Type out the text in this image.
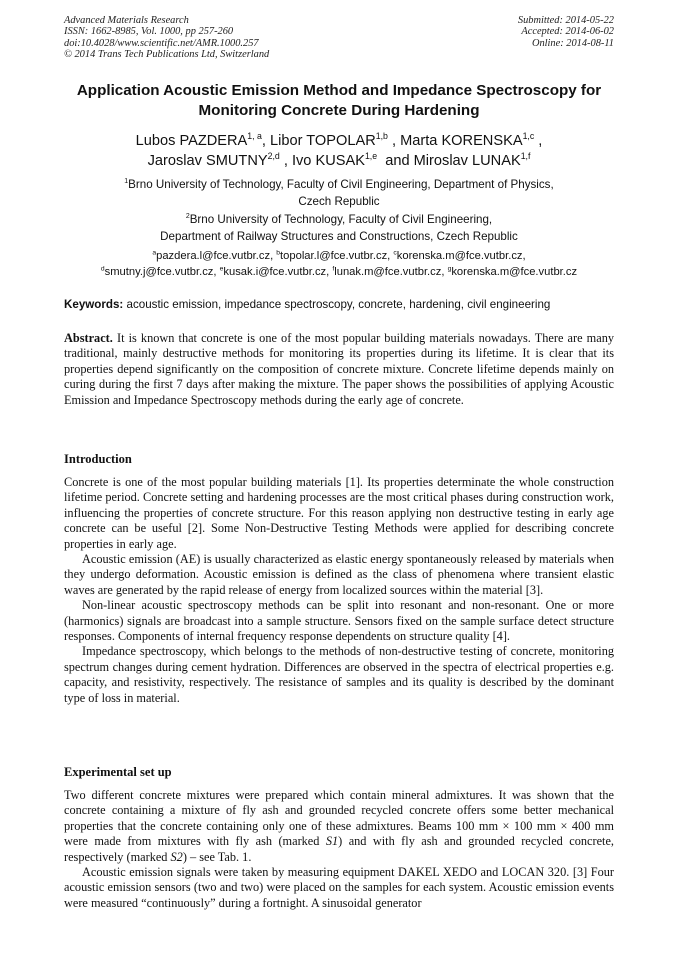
Advanced Materials Research
ISSN: 1662-8985, Vol. 1000, pp 257-260
doi:10.4028/www.scientific.net/AMR.1000.257
© 2014 Trans Tech Publications Ltd, Switzerland
Submitted: 2014-05-22
Accepted: 2014-06-02
Online: 2014-08-11
Application Acoustic Emission Method and Impedance Spectroscopy for
Monitoring Concrete During Hardening
Lubos PAZDERA$^{1, a}$, Libor TOPOLAR$^{1,b}$ , Marta KORENSKA$^{1,c}$ ,
Jaroslav SMUTNY$^{2,d}$ , Ivo KUSAK$^{1,e}$ and Miroslav LUNAK$^{1,f}$
$^1$Brno University of Technology, Faculty of Civil Engineering, Department of Physics,
Czech Republic
$^2$Brno University of Technology, Faculty of Civil Engineering,
Department of Railway Structures and Constructions, Czech Republic
$^a$pazdera.l@fce.vutbr.cz, $^b$topolar.l@fce.vutbr.cz, $^c$korenska.m@fce.vutbr.cz,
$^d$smutny.j@fce.vutbr.cz, $^e$kusak.i@fce.vutbr.cz, $^f$lunak.m@fce.vutbr.cz, $^g$korenska.m@fce.vutbr.cz
Keywords: acoustic emission, impedance spectroscopy, concrete, hardening, civil engineering

Abstract. It is known that concrete is one of the most popular building materials nowadays. There are many traditional, mainly destructive methods for monitoring its properties during its lifetime. It is clear that its properties depend significantly on the composition of concrete mixture. Concrete lifetime depends mainly on curing during the first 7 days after making the mixture. The paper shows the possibilities of applying Acoustic Emission and Impedance Spectroscopy methods during the early age of concrete.

Introduction

Concrete is one of the most popular building materials [1]. Its properties determinate the whole construction lifetime period. Concrete setting and hardening processes are the most critical phases during construction work, influencing the properties of concrete structure. For this reason applying non destructive testing in early age concrete can be useful [2]. Some Non-Destructive Testing Methods were applied for describing concrete properties in early age.

Acoustic emission (AE) is usually characterized as elastic energy spontaneously released by materials when they undergo deformation. Acoustic emission is defined as the class of phenomena where transient elastic waves are generated by the rapid release of energy from localized sources within the material [3].

Non-linear acoustic spectroscopy methods can be split into resonant and non-resonant. One or more (harmonics) signals are broadcast into a sample structure. Sensors fixed on the sample surface detect structure responses. Components of internal frequency response dependents on structure quality [4].

Impedance spectroscopy, which belongs to the methods of non-destructive testing of concrete, monitoring spectrum changes during cement hydration. Differences are observed in the spectra of electrical properties e.g. capacity, and resistivity, respectively. The resistance of samples and its quality is described by the dominant type of loss in material.

Experimental set up

Two different concrete mixtures were prepared which contain mineral admixtures. It was shown that the concrete containing a mixture of fly ash and grounded recycled concrete offers some better mechanical properties that the concrete containing only one of these admixtures. Beams 100 mm × 100 mm × 400 mm were made from mixtures with fly ash (marked S1) and with fly ash and grounded recycled concrete, respectively (marked S2) – see Tab. 1.

Acoustic emission signals were taken by measuring equipment DAKEL XEDO and LOCAN 320. [3] Four acoustic emission sensors (two and two) were placed on the samples for each system. Acoustic emission events were measured “continuously” during a fortnight. A sinusoidal generator
